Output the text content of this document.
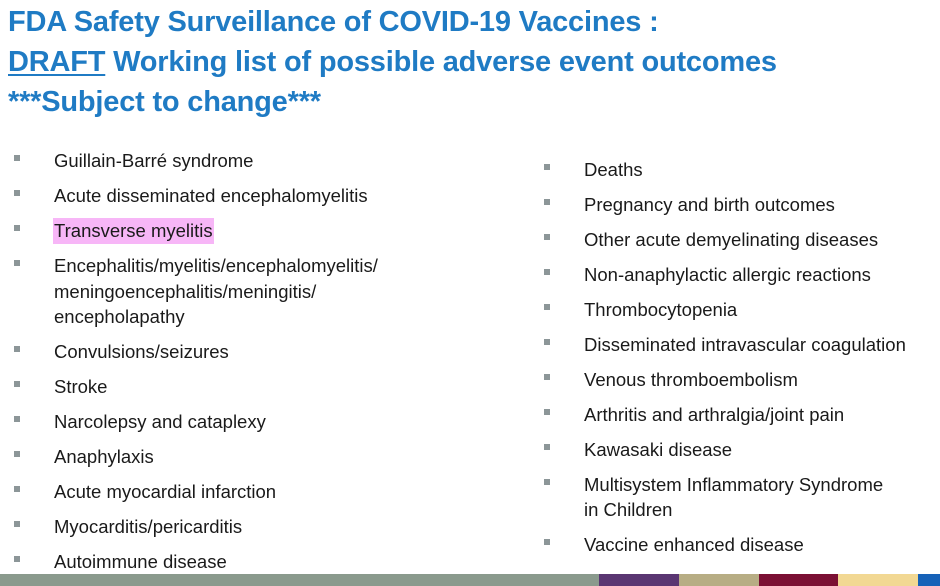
FDA Safety Surveillance of COVID-19 Vaccines :
DRAFT Working list of possible adverse event outcomes
***Subject to change***
Guillain-Barré syndrome
Acute disseminated encephalomyelitis
Transverse myelitis
Encephalitis/myelitis/encephalomyelitis/
meningoencephalitis/meningitis/
encepholapathy
Convulsions/seizures
Stroke
Narcolepsy and cataplexy
Anaphylaxis
Acute myocardial infarction
Myocarditis/pericarditis
Autoimmune disease
Deaths
Pregnancy and birth outcomes
Other acute demyelinating diseases
Non-anaphylactic allergic reactions
Thrombocytopenia
Disseminated intravascular coagulation
Venous thromboembolism
Arthritis and arthralgia/joint pain
Kawasaki disease
Multisystem Inflammatory Syndrome
in Children
Vaccine enhanced disease
